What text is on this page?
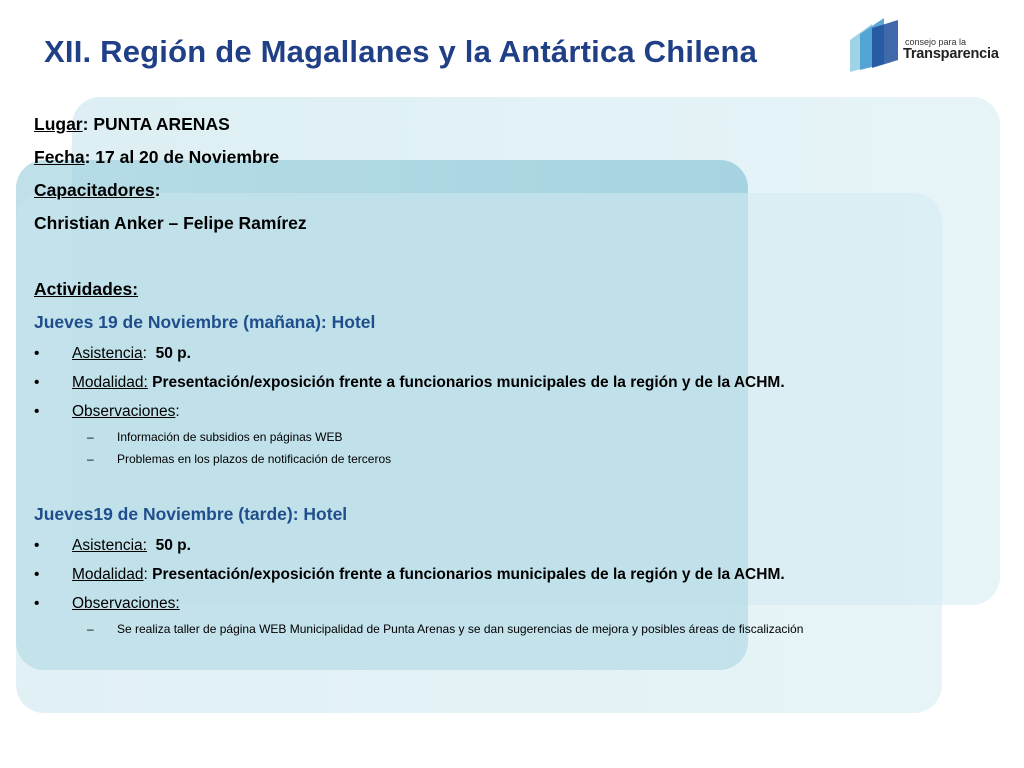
XII. Región de Magallanes y la Antártica Chilena	consejo para la
Transparencia
Lugar: PUNTA ARENAS
Fecha: 17 al 20 de Noviembre
Capacitadores:
Christian Anker – Felipe Ramírez
Actividades:
Jueves 19 de Noviembre (mañana): Hotel
• Asistencia: 50 p.
• Modalidad: Presentación/exposición frente a funcionarios municipales de la región y de la ACHM.
• Observaciones:
– Información de subsidios en páginas WEB
– Problemas en los plazos de notificación de terceros
Jueves19 de Noviembre (tarde): Hotel
• Asistencia: 50 p.
• Modalidad: Presentación/exposición frente a funcionarios municipales de la región y de la ACHM.
• Observaciones:
– Se realiza taller de página WEB Municipalidad de Punta Arenas y se dan sugerencias de mejora y posibles áreas de fiscalización
